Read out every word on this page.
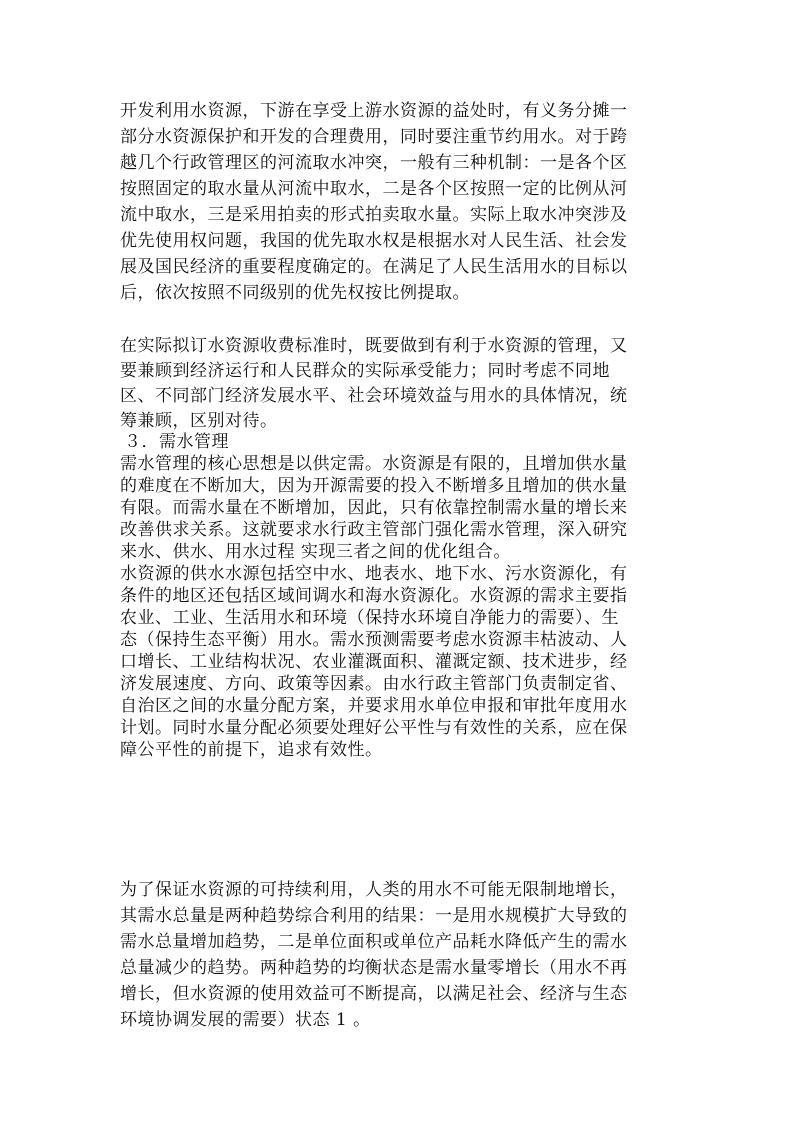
开发利用水资源，下游在享受上游水资源的益处时，有义务分摊一
部分水资源保护和开发的合理费用，同时要注重节约用水。对于跨
越几个行政管理区的河流取水冲突，一般有三种机制：一是各个区
按照固定的取水量从河流中取水，二是各个区按照一定的比例从河
流中取水，三是采用拍卖的形式拍卖取水量。实际上取水冲突涉及
优先使用权问题，我国的优先取水权是根据水对人民生活、社会发
展及国民经济的重要程度确定的。在满足了人民生活用水的目标以
后，依次按照不同级别的优先权按比例提取。
在实际拟订水资源收费标准时，既要做到有利于水资源的管理，又
要兼顾到经济运行和人民群众的实际承受能力；同时考虑不同地
区、不同部门经济发展水平、社会环境效益与用水的具体情况，统
筹兼顾，区别对待。
３．需水管理
需水管理的核心思想是以供定需。水资源是有限的，且增加供水量
的难度在不断加大，因为开源需要的投入不断增多且增加的供水量
有限。而需水量在不断增加，因此，只有依靠控制需水量的增长来
改善供求关系。这就要求水行政主管部门强化需水管理，深入研究
来水、供水、用水过程 实现三者之间的优化组合。
水资源的供水水源包括空中水、地表水、地下水、污水资源化，有
条件的地区还包括区域间调水和海水资源化。水资源的需求主要指
农业、工业、生活用水和环境（保持水环境自净能力的需要）、生
态（保持生态平衡）用水。需水预测需要考虑水资源丰枯波动、人
口增长、工业结构状况、农业灌溉面积、灌溉定额、技术进步，经
济发展速度、方向、政策等因素。由水行政主管部门负责制定省、
自治区之间的水量分配方案，并要求用水单位申报和审批年度用水
计划。同时水量分配必须要处理好公平性与有效性的关系，应在保
障公平性的前提下，追求有效性。
为了保证水资源的可持续利用，人类的用水不可能无限制地增长，
其需水总量是两种趋势综合利用的结果：一是用水规模扩大导致的
需水总量增加趋势，二是单位面积或单位产品耗水降低产生的需水
总量减少的趋势。两种趋势的均衡状态是需水量零增长（用水不再
增长，但水资源的使用效益可不断提高，以满足社会、经济与生态
环境协调发展的需要）状态 1 。
